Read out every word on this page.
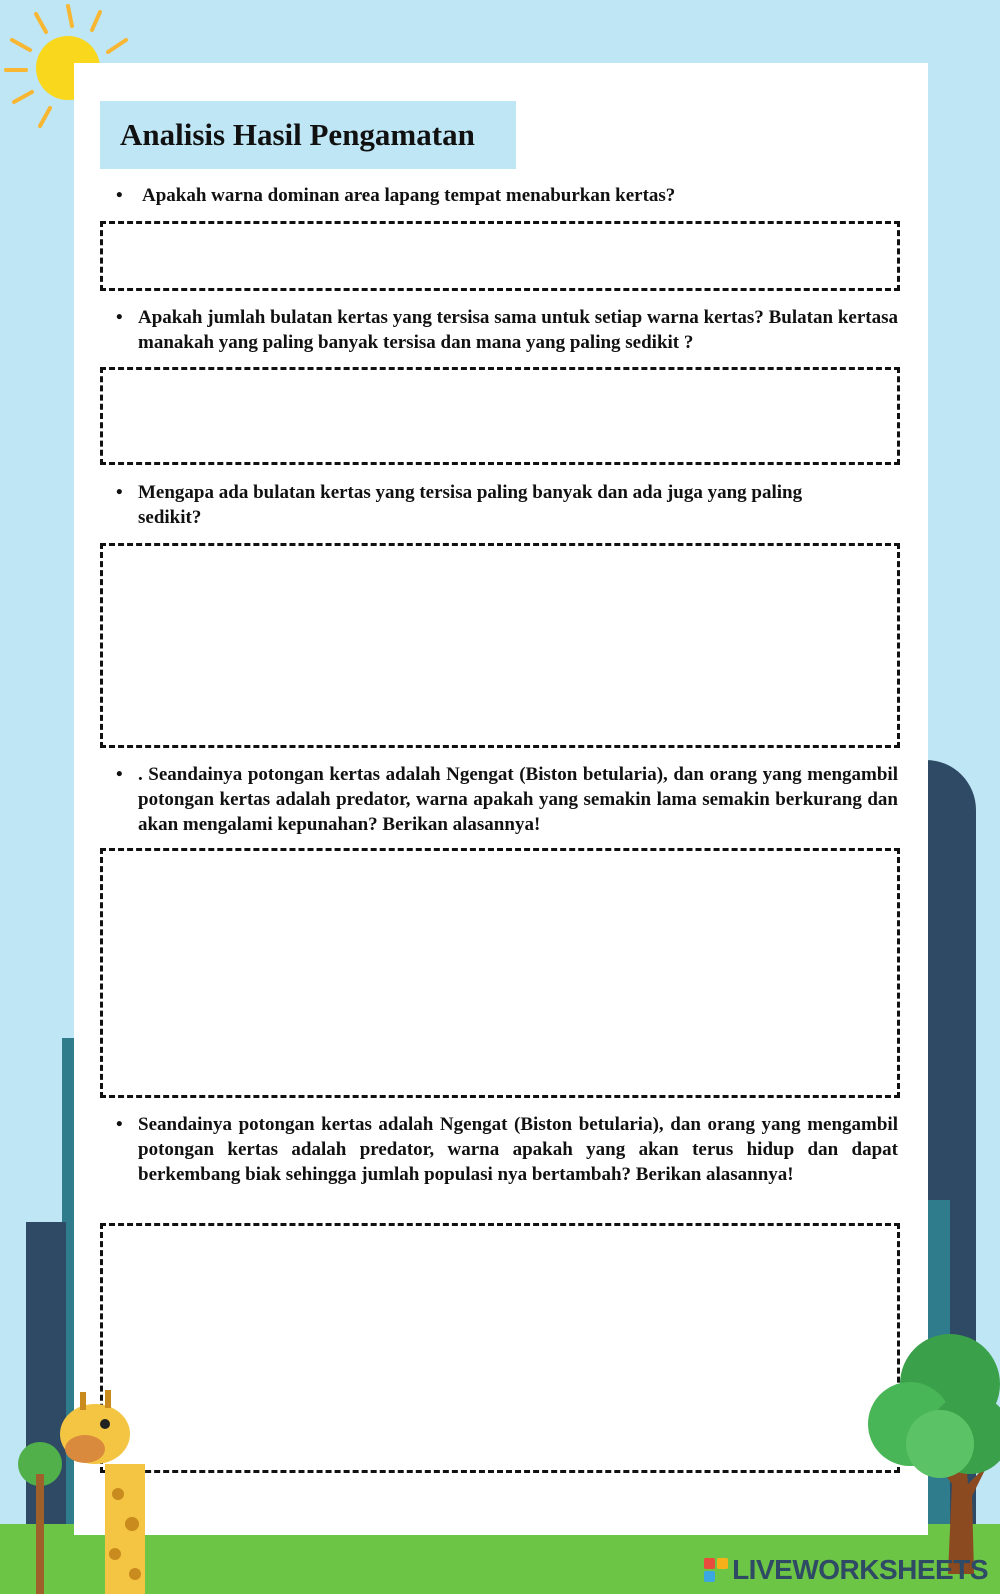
Analisis Hasil Pengamatan
•	Apakah warna dominan area lapang tempat menaburkan kertas?
• Apakah jumlah bulatan kertas yang tersisa sama untuk setiap warna kertas? Bulatan kertasa manakah yang paling banyak tersisa dan mana yang paling sedikit ?
• Mengapa ada bulatan kertas yang tersisa paling banyak dan ada juga yang paling sedikit?
• . Seandainya potongan kertas adalah Ngengat (Biston betularia), dan orang yang mengambil potongan kertas adalah predator, warna apakah yang semakin lama semakin berkurang dan akan mengalami kepunahan? Berikan alasannya!
• Seandainya potongan kertas adalah Ngengat (Biston betularia), dan orang yang mengambil potongan kertas adalah predator, warna apakah yang akan terus hidup dan dapat berkembang biak sehingga jumlah populasi nya bertambah? Berikan alasannya!
LIVEWORKSHEETS
